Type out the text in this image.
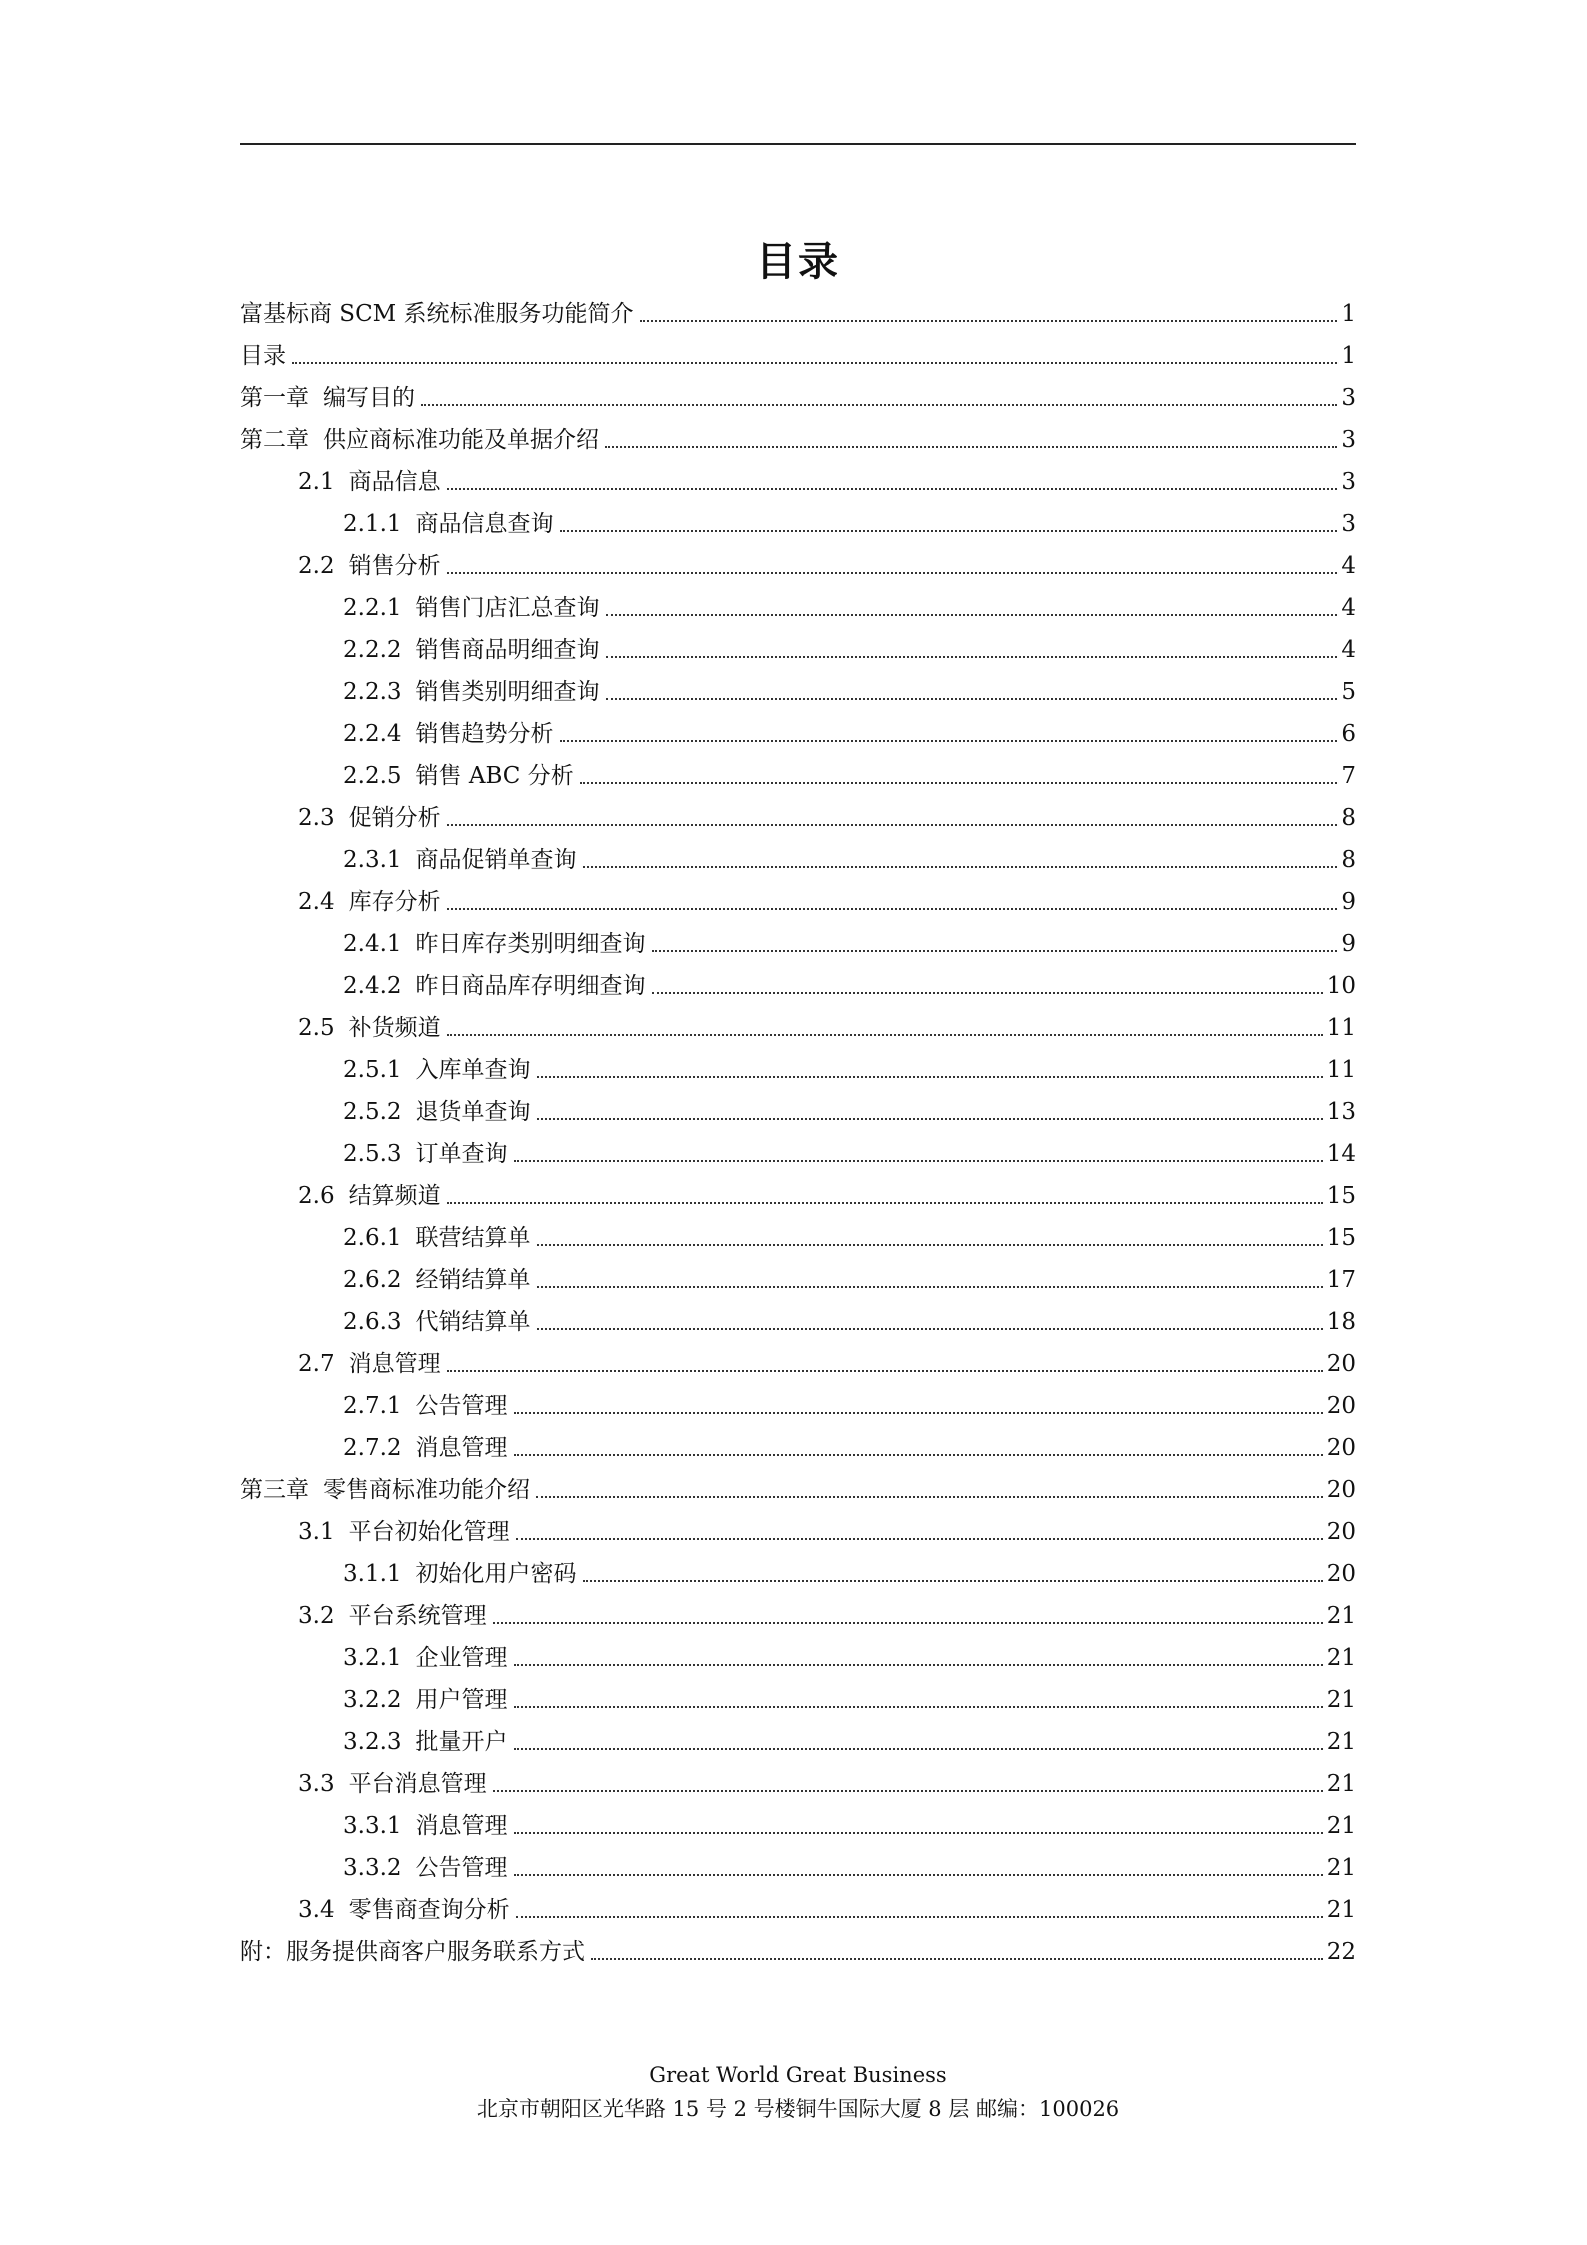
目录
富基标商 SCM 系统标准服务功能简介	1
目录	1
第一章 编写目的	3
第二章 供应商标准功能及单据介绍	3
2.1 商品信息	3
2.1.1 商品信息查询	3
2.2 销售分析	4
2.2.1 销售门店汇总查询	4
2.2.2 销售商品明细查询	4
2.2.3 销售类别明细查询	5
2.2.4 销售趋势分析	6
2.2.5 销售 ABC 分析	7
2.3 促销分析	8
2.3.1 商品促销单查询	8
2.4 库存分析	9
2.4.1 昨日库存类别明细查询	9
2.4.2 昨日商品库存明细查询	10
2.5 补货频道	11
2.5.1 入库单查询	11
2.5.2 退货单查询	13
2.5.3 订单查询	14
2.6 结算频道	15
2.6.1 联营结算单	15
2.6.2 经销结算单	17
2.6.3 代销结算单	18
2.7 消息管理	20
2.7.1 公告管理	20
2.7.2 消息管理	20
第三章 零售商标准功能介绍	20
3.1 平台初始化管理	20
3.1.1 初始化用户密码	20
3.2 平台系统管理	21
3.2.1 企业管理	21
3.2.2 用户管理	21
3.2.3 批量开户	21
3.3 平台消息管理	21
3.3.1 消息管理	21
3.3.2 公告管理	21
3.4 零售商查询分析	21
附：服务提供商客户服务联系方式	22
Great World Great Business
北京市朝阳区光华路 15 号 2 号楼铜牛国际大厦 8 层 邮编：100026
